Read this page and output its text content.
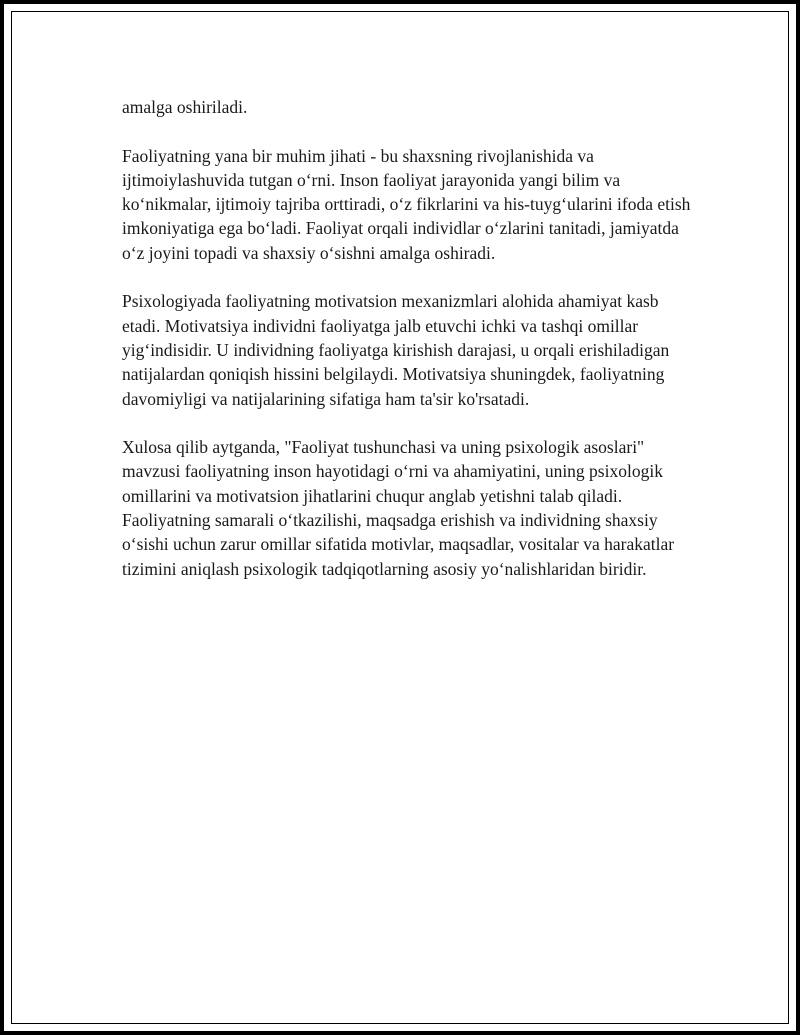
amalga oshiriladi.

Faoliyatning yana bir muhim jihati - bu shaxsning rivojlanishida va ijtimoiylashuvida tutgan o‘rni. Inson faoliyat jarayonida yangi bilim va ko‘nikmalar, ijtimoiy tajriba orttiradi, o‘z fikrlarini va his-tuyg‘ularini ifoda etish imkoniyatiga ega bo‘ladi. Faoliyat orqali individlar o‘zlarini tanitadi, jamiyatda o‘z joyini topadi va shaxsiy o‘sishni amalga oshiradi.

Psixologiyada faoliyatning motivatsion mexanizmlari alohida ahamiyat kasb etadi. Motivatsiya individni faoliyatga jalb etuvchi ichki va tashqi omillar yig‘indisidir. U individning faoliyatga kirishish darajasi, u orqali erishiladigan natijalardan qoniqish hissini belgilaydi. Motivatsiya shuningdek, faoliyatning davomiyligi va natijalarining sifatiga ham ta'sir ko'rsatadi.

Xulosa qilib aytganda, "Faoliyat tushunchasi va uning psixologik asoslari" mavzusi faoliyatning inson hayotidagi o‘rni va ahamiyatini, uning psixologik omillarini va motivatsion jihatlarini chuqur anglab yetishni talab qiladi. Faoliyatning samarali o‘tkazilishi, maqsadga erishish va individning shaxsiy o‘sishi uchun zarur omillar sifatida motivlar, maqsadlar, vositalar va harakatlar tizimini aniqlash psixologik tadqiqotlarning asosiy yo‘nalishlaridan biridir.
